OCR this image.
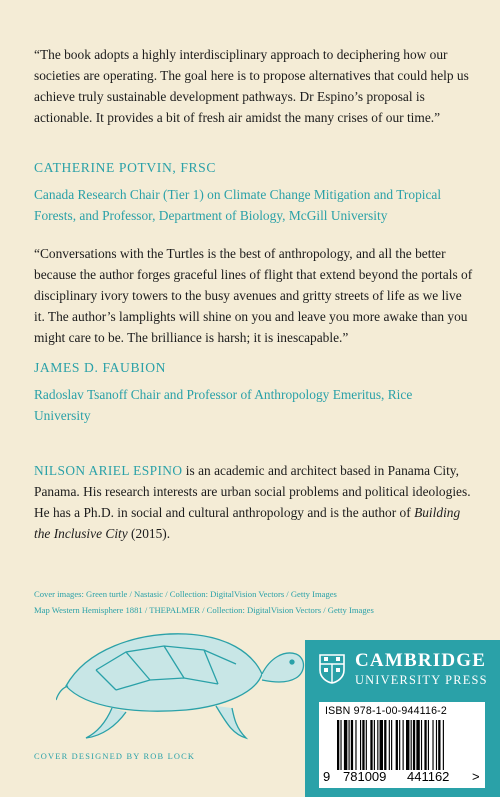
“The book adopts a highly interdisciplinary approach to deciphering how our societies are operating. The goal here is to propose alternatives that could help us achieve truly sustainable development pathways. Dr Espino’s proposal is actionable. It provides a bit of fresh air amidst the many crises of our time.”

CATHERINE POTVIN, FRSC

Canada Research Chair (Tier 1) on Climate Change Mitigation and Tropical Forests, and Professor, Department of Biology, McGill University

“Conversations with the Turtles is the best of anthropology, and all the better because the author forges graceful lines of flight that extend beyond the portals of disciplinary ivory towers to the busy avenues and gritty streets of life as we live it. The author’s lamplights will shine on you and leave you more awake than you might care to be. The brilliance is harsh; it is inescapable.”

JAMES D. FAUBION

Radoslav Tsanoff Chair and Professor of Anthropology Emeritus, Rice University

NILSON ARIEL ESPINO is an academic and architect based in Panama City, Panama. His research interests are urban social problems and political ideologies. He has a Ph.D. in social and cultural anthropology and is the author of Building the Inclusive City (2015).

Cover images: Green turtle / Nastasic / Collection: DigitalVision Vectors / Getty Images
Map Western Hemisphere 1881 / THEPALMER / Collection: DigitalVision Vectors / Getty Images
COVER DESIGNED BY ROB LOCK
CAMBRIDGE
UNIVERSITY PRESS
ISBN 978-1-00-944116-2
9 781009 441162 >
